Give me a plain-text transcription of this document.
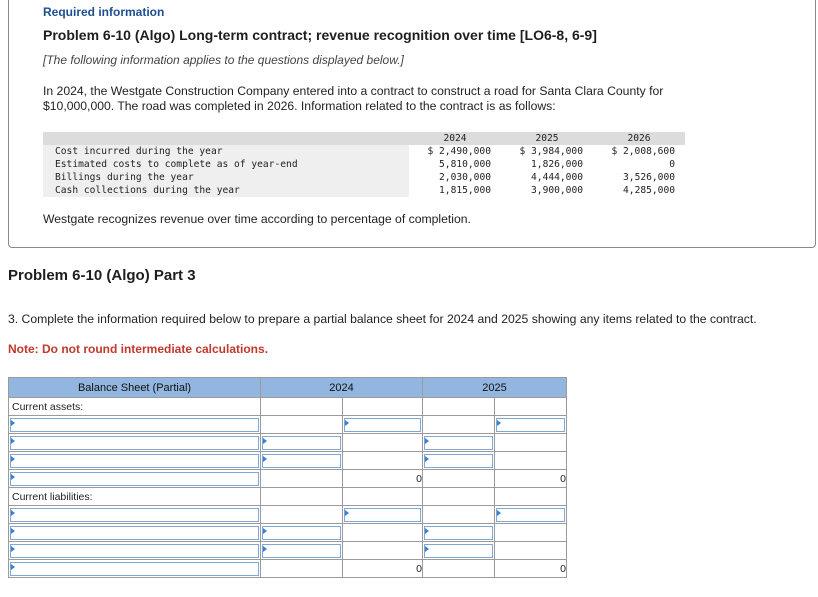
Required information
Problem 6-10 (Algo) Long-term contract; revenue recognition over time [LO6-8, 6-9]
[The following information applies to the questions displayed below.]
In 2024, the Westgate Construction Company entered into a contract to construct a road for Santa Clara County for $10,000,000. The road was completed in 2026. Information related to the contract is as follows:
	2024	2025	2026
Cost incurred during the year	$ 2,490,000	$ 3,984,000	$ 2,008,600
Estimated costs to complete as of year-end	5,810,000	1,826,000	0
Billings during the year	2,030,000	4,444,000	3,526,000
Cash collections during the year	1,815,000	3,900,000	4,285,000
Westgate recognizes revenue over time according to percentage of completion.
Problem 6-10 (Algo) Part 3
3. Complete the information required below to prepare a partial balance sheet for 2024 and 2025 showing any items related to the contract.
Note: Do not round intermediate calculations.
Balance Sheet (Partial)	2024		2025	
Current assets:				

		0		0
Current liabilities:				

		0		0
